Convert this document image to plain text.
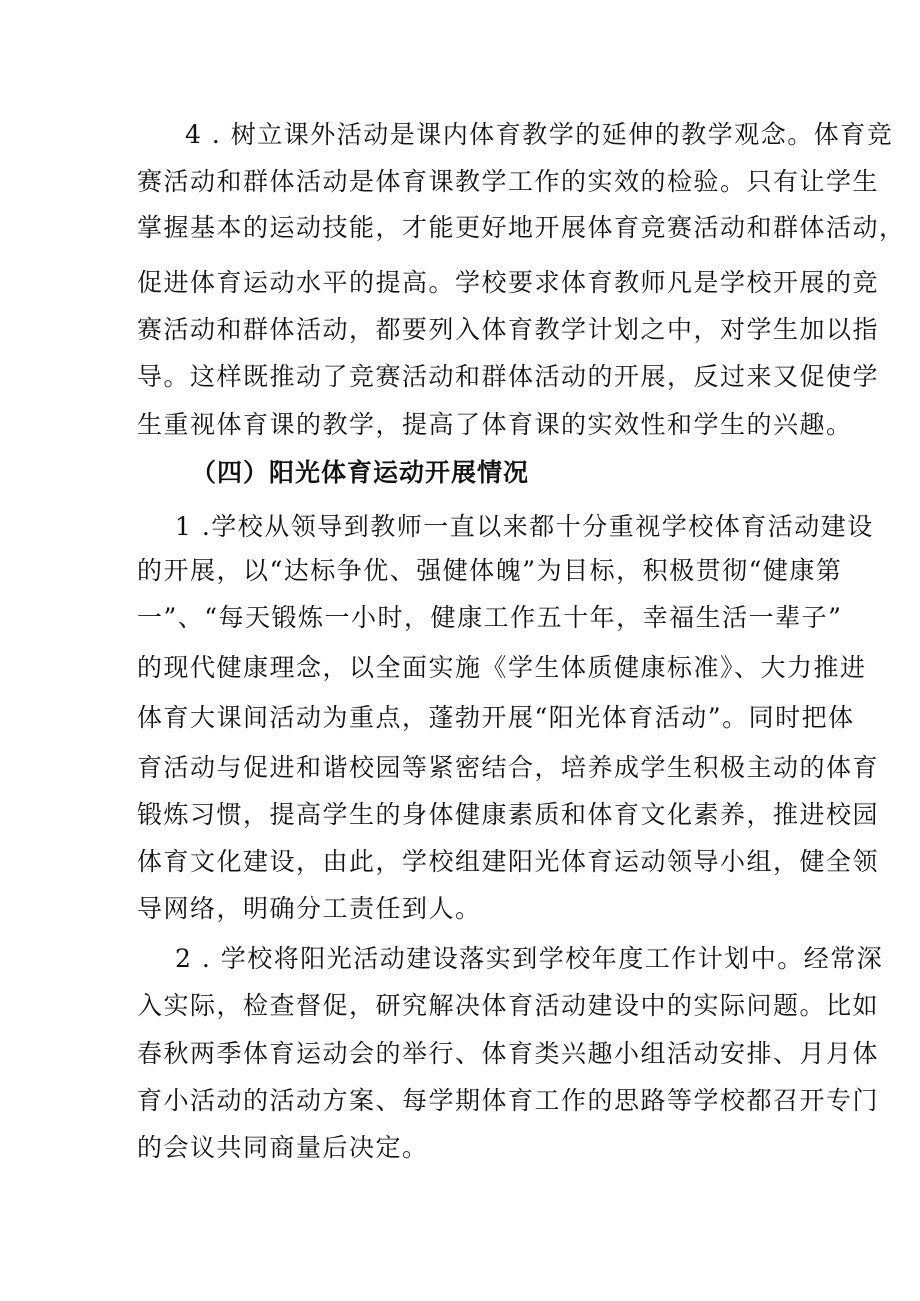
4 . 树立课外活动是课内体育教学的延伸的教学观念。体育竞
赛活动和群体活动是体育课教学工作的实效的检验。只有让学生
掌握基本的运动技能，才能更好地开展体育竞赛活动和群体活动，
促进体育运动水平的提高。学校要求体育教师凡是学校开展的竞
赛活动和群体活动，都要列入体育教学计划之中，对学生加以指
导。这样既推动了竞赛活动和群体活动的开展，反过来又促使学
生重视体育课的教学，提高了体育课的实效性和学生的兴趣。
（四）阳光体育运动开展情况
1 .学校从领导到教师一直以来都十分重视学校体育活动建设
的开展，以“达标争优、强健体魄”为目标，积极贯彻“健康第
一”、“每天锻炼一小时，健康工作五十年，幸福生活一辈子”
的现代健康理念，以全面实施《学生体质健康标准》、大力推进
体育大课间活动为重点，蓬勃开展“阳光体育活动”。同时把体
育活动与促进和谐校园等紧密结合，培养成学生积极主动的体育
锻炼习惯，提高学生的身体健康素质和体育文化素养，推进校园
体育文化建设，由此，学校组建阳光体育运动领导小组，健全领
导网络，明确分工责任到人。
2 . 学校将阳光活动建设落实到学校年度工作计划中。经常深
入实际，检查督促，研究解决体育活动建设中的实际问题。比如
春秋两季体育运动会的举行、体育类兴趣小组活动安排、月月体
育小活动的活动方案、每学期体育工作的思路等学校都召开专门
的会议共同商量后决定。
